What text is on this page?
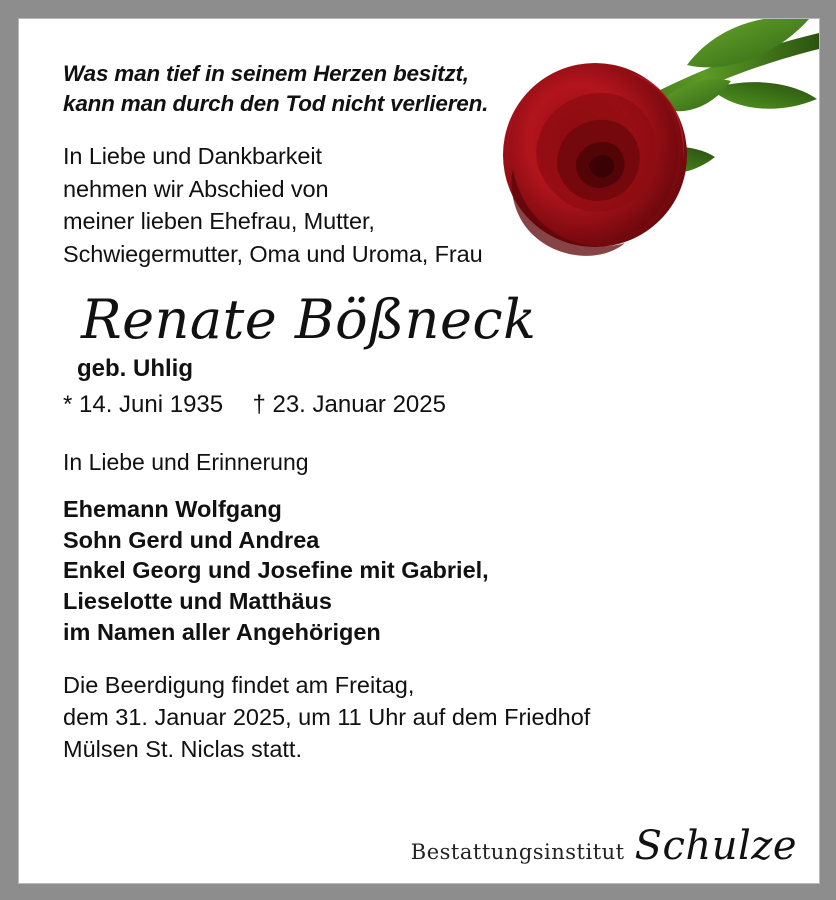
Was man tief in seinem Herzen besitzt, kann man durch den Tod nicht verlieren.

In Liebe und Dankbarkeit
nehmen wir Abschied von
meiner lieben Ehefrau, Mutter,
Schwiegermutter, Oma und Uroma, Frau
Renate Bößneck
geb. Uhlig
* 14. Juni 1935 † 23. Januar 2025
In Liebe und Erinnerung
Ehemann Wolfgang
Sohn Gerd und Andrea
Enkel Georg und Josefine mit Gabriel,
Lieselotte und Matthäus
im Namen aller Angehörigen
Die Beerdigung findet am Freitag,
dem 31. Januar 2025, um 11 Uhr auf dem Friedhof
Mülsen St. Niclas statt.
Bestattungsinstitut Schulze
